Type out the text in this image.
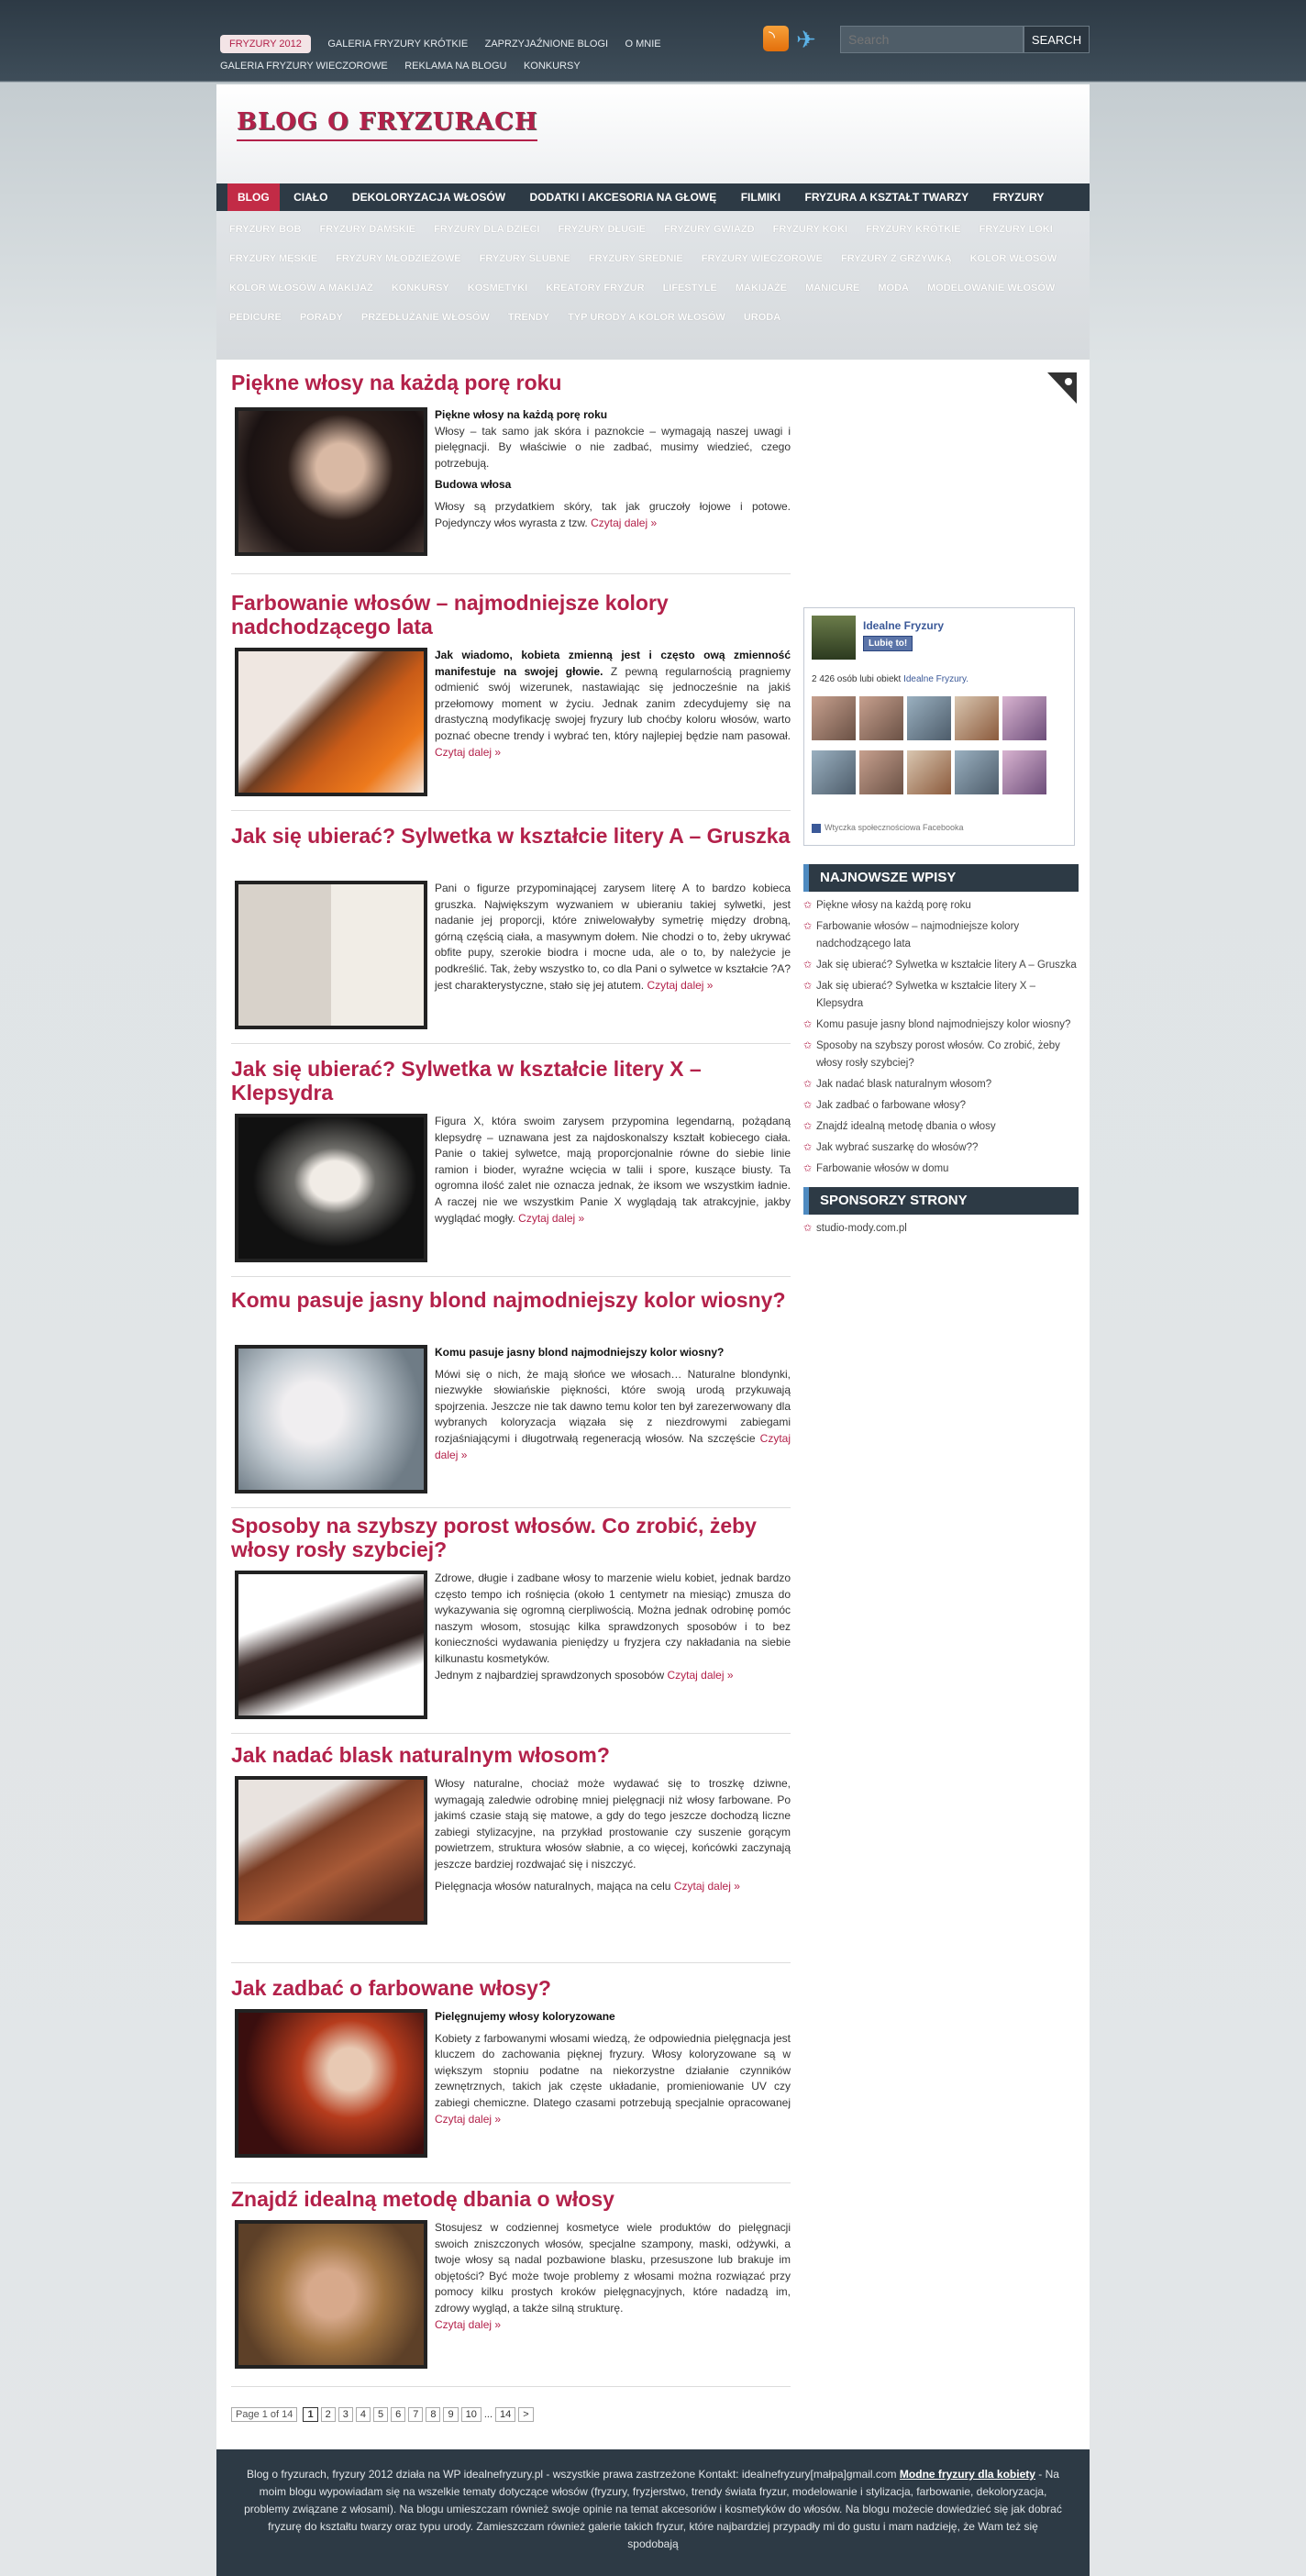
FRYZURY 2012	GALERIA FRYZURY KRÓTKIE ZAPRZYJAŹNIONE BLOGI O MNIE GALERIA FRYZURY WIECZOROWE REKLAMA NA BLOGU KONKURSY
◝✈
Search	SEARCH
BLOG O FRYZURACH
BLOG CIAŁO DEKOLORYZACJA WŁOSÓW DODATKI I AKCESORIA NA GŁOWĘ FILMIKI FRYZURA A KSZTAŁT TWARZY FRYZURY
FRYZURY BOB FRYZURY DAMSKIE FRYZURY DLA DZIECI FRYZURY DŁUGIE FRYZURY GWIAZD FRYZURY KOKI FRYZURY KRÓTKIE FRYZURY LOKIFRYZURY MĘSKIE FRYZURY MŁODZIEŻOWE FRYZURY ŚLUBNE FRYZURY ŚREDNIE FRYZURY WIECZOROWE FRYZURY Z GRZYWKĄ KOLOR WŁOSÓWKOLOR WŁOSÓW A MAKIJAŻ KONKURSY KOSMETYKI KREATORY FRYZUR LIFESTYLE MAKIJAŻE MANICURE MODA MODELOWANIE WŁOSÓWPEDICURE PORADY PRZEDŁUŻANIE WŁOSÓW TRENDY TYP URODY A KOLOR WŁOSÓW URODA
Piękne włosy na każdą porę roku

Piękne włosy na każdą porę roku
Włosy – tak samo jak skóra i paznokcie – wymagają naszej uwagi i pielęgnacji. By właściwie o nie zadbać, musimy wiedzieć, czego potrzebują.

Budowa włosa

Włosy są przydatkiem skóry, tak jak gruczoły łojowe i potowe. Pojedynczy włos wyrasta z tzw. Czytaj dalej »

Farbowanie włosów – najmodniejsze kolory nadchodzącego lata

Jak wiadomo, kobieta zmienną jest i często ową zmienność manifestuje na swojej głowie. Z pewną regularnością pragniemy odmienić swój wizerunek, nastawiając się jednocześnie na jakiś przełomowy moment w życiu. Jednak zanim zdecydujemy się na drastyczną modyfikację swojej fryzury lub choćby koloru włosów, warto poznać obecne trendy i wybrać ten, który najlepiej będzie nam pasował. Czytaj dalej »

Jak się ubierać? Sylwetka w kształcie litery A – Gruszka

Pani o figurze przypominającej zarysem literę A to bardzo kobieca gruszka. Największym wyzwaniem w ubieraniu takiej sylwetki, jest nadanie jej proporcji, które zniwelowałyby symetrię między drobną, górną częścią ciała, a masywnym dołem. Nie chodzi o to, żeby ukrywać obfite pupy, szerokie biodra i mocne uda, ale o to, by należycie je podkreślić. Tak, żeby wszystko to, co dla Pani o sylwetce w kształcie ?A? jest charakterystyczne, stało się jej atutem. Czytaj dalej »

Jak się ubierać? Sylwetka w kształcie litery X – Klepsydra

Figura X, która swoim zarysem przypomina legendarną, pożądaną klepsydrę – uznawana jest za najdoskonalszy kształt kobiecego ciała. Panie o takiej sylwetce, mają proporcjonalnie równe do siebie linie ramion i bioder, wyraźne wcięcia w talii i spore, kuszące biusty. Ta ogromna ilość zalet nie oznacza jednak, że iksom we wszystkim ładnie. A raczej nie we wszystkim Panie X wyglądają tak atrakcyjnie, jakby wyglądać mogły. Czytaj dalej »

Komu pasuje jasny blond najmodniejszy kolor wiosny?

Komu pasuje jasny blond najmodniejszy kolor wiosny?

Mówi się o nich, że mają słońce we włosach… Naturalne blondynki, niezwykłe słowiańskie piękności, które swoją urodą przykuwają spojrzenia. Jeszcze nie tak dawno temu kolor ten był zarezerwowany dla wybranych koloryzacja wiązała się z niezdrowymi zabiegami rozjaśniającymi i długotrwałą regeneracją włosów. Na szczęście Czytaj dalej »

Sposoby na szybszy porost włosów. Co zrobić, żeby włosy rosły szybciej?

Zdrowe, długie i zadbane włosy to marzenie wielu kobiet, jednak bardzo często tempo ich rośnięcia (około 1 centymetr na miesiąc) zmusza do wykazywania się ogromną cierpliwością. Można jednak odrobinę pomóc naszym włosom, stosując kilka sprawdzonych sposobów i to bez konieczności wydawania pieniędzy u fryzjera czy nakładania na siebie kilkunastu kosmetyków.
Jednym z najbardziej sprawdzonych sposobów Czytaj dalej »

Jak nadać blask naturalnym włosom?

Włosy naturalne, chociaż może wydawać się to troszkę dziwne, wymagają zaledwie odrobinę mniej pielęgnacji niż włosy farbowane. Po jakimś czasie stają się matowe, a gdy do tego jeszcze dochodzą liczne zabiegi stylizacyjne, na przykład prostowanie czy suszenie gorącym powietrzem, struktura włosów słabnie, a co więcej, końcówki zaczynają jeszcze bardziej rozdwajać się i niszczyć.

Pielęgnacja włosów naturalnych, mająca na celu Czytaj dalej »

Jak zadbać o farbowane włosy?

Pielęgnujemy włosy koloryzowane

Kobiety z farbowanymi włosami wiedzą, że odpowiednia pielęgnacja jest kluczem do zachowania pięknej fryzury. Włosy koloryzowane są w większym stopniu podatne na niekorzystne działanie czynników zewnętrznych, takich jak częste układanie, promieniowanie UV czy zabiegi chemiczne. Dlatego czasami potrzebują specjalnie opracowanej Czytaj dalej »

Znajdź idealną metodę dbania o włosy

Stosujesz w codziennej kosmetyce wiele produktów do pielęgnacji swoich zniszczonych włosów, specjalne szampony, maski, odżywki, a twoje włosy są nadal pozbawione blasku, przesuszone lub brakuje im objętości? Być może twoje problemy z włosami można rozwiązać przy pomocy kilku prostych kroków pielęgnacyjnych, które nadadzą im, zdrowy wygląd, a także silną strukturę.
Czytaj dalej »

Page 1 of 14 1 2 3 4 5 6 7 8 9 10 ... 14 >
Idealne Fryzury
Lubię to!
2 426 osób lubi obiekt Idealne Fryzury.
Wtyczka społecznościowa Facebooka
NAJNOWSZE WPISY
✩ Piękne włosy na każdą porę roku
✩ Farbowanie włosów – najmodniejsze kolory nadchodzącego lata
✩ Jak się ubierać? Sylwetka w kształcie litery A – Gruszka
✩ Jak się ubierać? Sylwetka w kształcie litery X – Klepsydra
✩ Komu pasuje jasny blond najmodniejszy kolor wiosny?
✩ Sposoby na szybszy porost włosów. Co zrobić, żeby włosy rosły szybciej?
✩ Jak nadać blask naturalnym włosom?
✩ Jak zadbać o farbowane włosy?
✩ Znajdź idealną metodę dbania o włosy
✩ Jak wybrać suszarkę do włosów??
✩ Farbowanie włosów w domu
SPONSORZY STRONY
✩ studio-mody.com.pl
Blog o fryzurach, fryzury 2012 działa na WP idealnefryzury.pl - wszystkie prawa zastrzeżone Kontakt: idealnefryzury[małpa]gmail.com Modne fryzury dla kobiety - Na moim blogu wypowiadam się na wszelkie tematy dotyczące włosów (fryzury, fryzjerstwo, trendy świata fryzur, modelowanie i stylizacja, farbowanie, dekoloryzacja, problemy związane z włosami). Na blogu umieszczam również swoje opinie na temat akcesoriów i kosmetyków do włosów. Na blogu możecie dowiedzieć się jak dobrać fryzurę do kształtu twarzy oraz typu urody. Zamieszczam również galerie takich fryzur, które najbardziej przypadły mi do gustu i mam nadzieję, że Wam też się spodobają
